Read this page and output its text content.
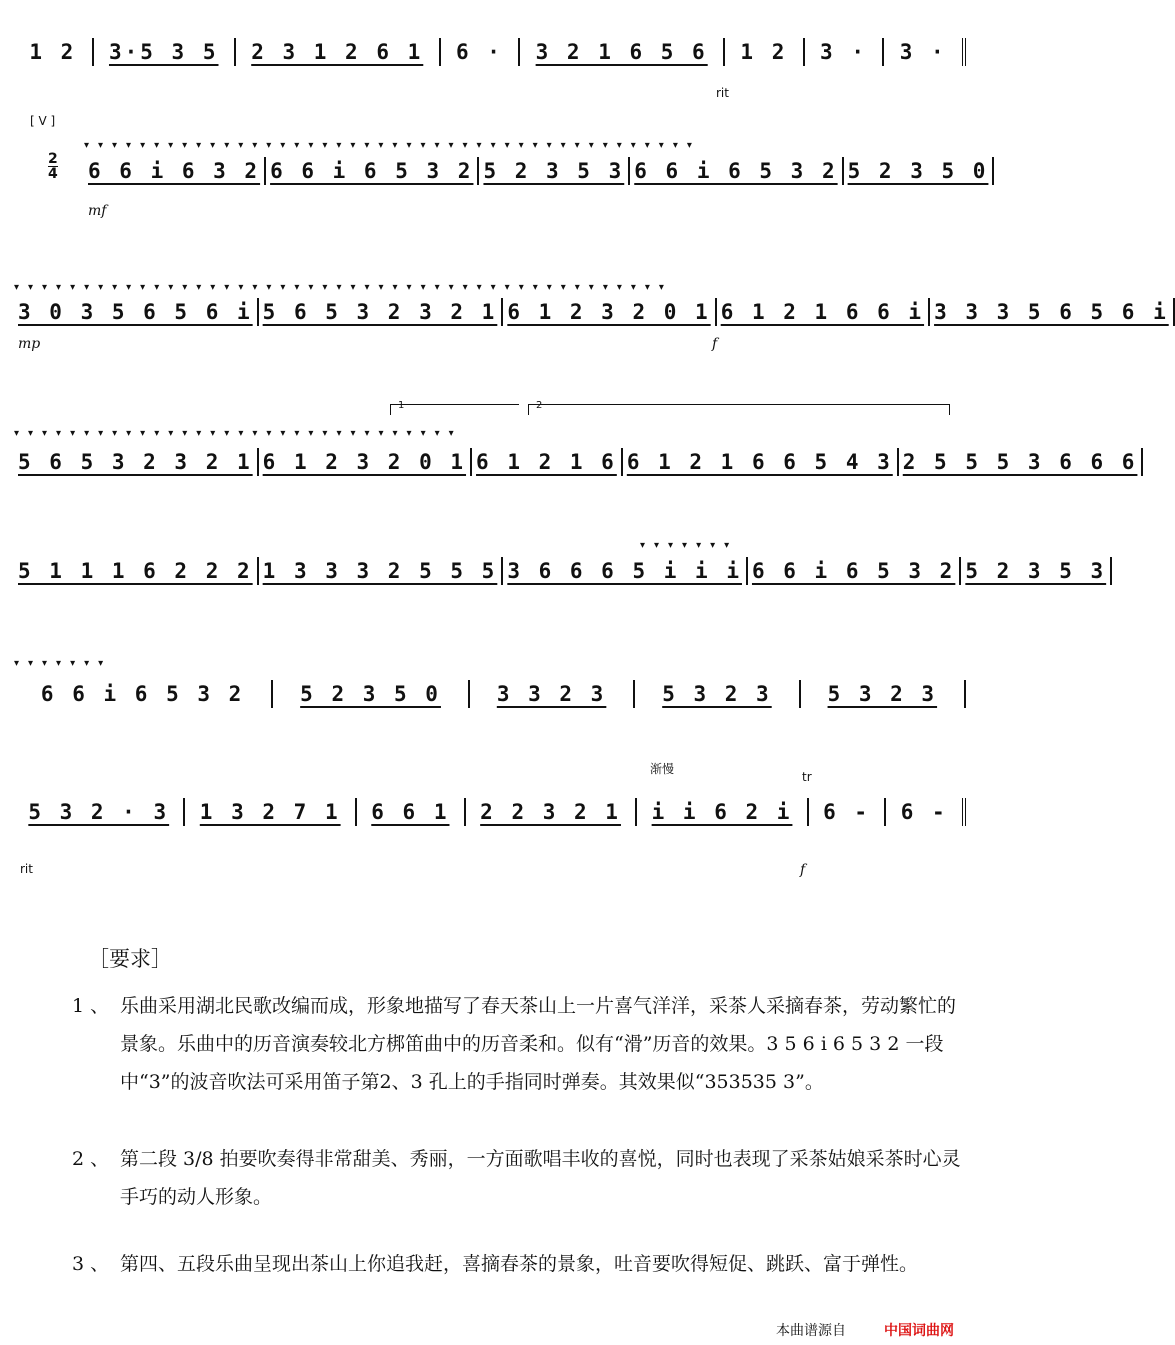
1 2	3·5 3 5	2 3 1 2 6 1	6 ·	3 2 1 6 5 6	1 2	3 ·	3 ·
rit
[ V ]
2
4
▾▾▾▾▾▾▾▾▾▾▾▾▾▾▾▾▾▾▾▾▾▾▾▾▾▾▾▾▾▾▾▾▾▾▾▾▾▾▾▾▾▾▾▾
6 6 i 6 3 2 6 6 i 6 5 3 2 5 2 3 5 3 6 6 i 6 5 3 2 5 2 3 5 0
mf
▾▾▾▾▾▾▾▾▾▾▾▾▾▾▾▾▾▾▾▾▾▾▾▾▾▾▾▾▾▾▾▾▾▾▾▾▾▾▾▾▾▾▾▾▾▾▾
3 0 3 5 6 5 6 i 5 6 5 3 2 3 2 1 6 1 2 3 2 0 1 6 1 2 1 6 6 i 3 3 3 5 6 5 6 i
mp	f
1	2
▾▾▾▾▾▾▾▾▾▾▾▾▾▾▾▾▾▾▾▾▾▾▾▾▾▾▾▾▾▾▾▾
5 6 5 3 2 3 2 1 6 1 2 3 2 0 1 6 1 2 1 6 6 1 2 1 6 6 5 4 3 2 5 5 5 3 6 6 6
▾▾▾▾▾▾▾
5 1 1 1 6 2 2 2 1 3 3 3 2 5 5 5 3 6 6 6 5 i i i 6 6 i 6 5 3 2 5 2 3 5 3
▾▾▾▾▾▾▾
6 6 i 6 5 3 2	5 2 3 5 0	3 3 2 3	5 3 2 3	5 3 2 3
渐慢
tr
5 3 2 · 3	1 3 2 7 1	6 6 1	2 2 3 2 1	i i 6 2 i	6 -	6 -
rit	f
［要求］
1 、 乐曲采用湖北民歌改编而成，形象地描写了春天茶山上一片喜气洋洋，采茶人采摘春茶，劳动繁忙的景象。乐曲中的历音演奏较北方梆笛曲中的历音柔和。似有“滑”历音的效果。3 5 6 i 6 5 3 2 一段中“3”的波音吹法可采用笛子第2、3 孔上的手指同时弹奏。其效果似“353535 3”。
2 、 第二段 3/8 拍要吹奏得非常甜美、秀丽，一方面歌唱丰收的喜悦，同时也表现了采茶姑娘采茶时心灵手巧的动人形象。
3 、 第四、五段乐曲呈现出茶山上你追我赶，喜摘春茶的景象，吐音要吹得短促、跳跃、富于弹性。
本曲谱源自	中国词曲网
